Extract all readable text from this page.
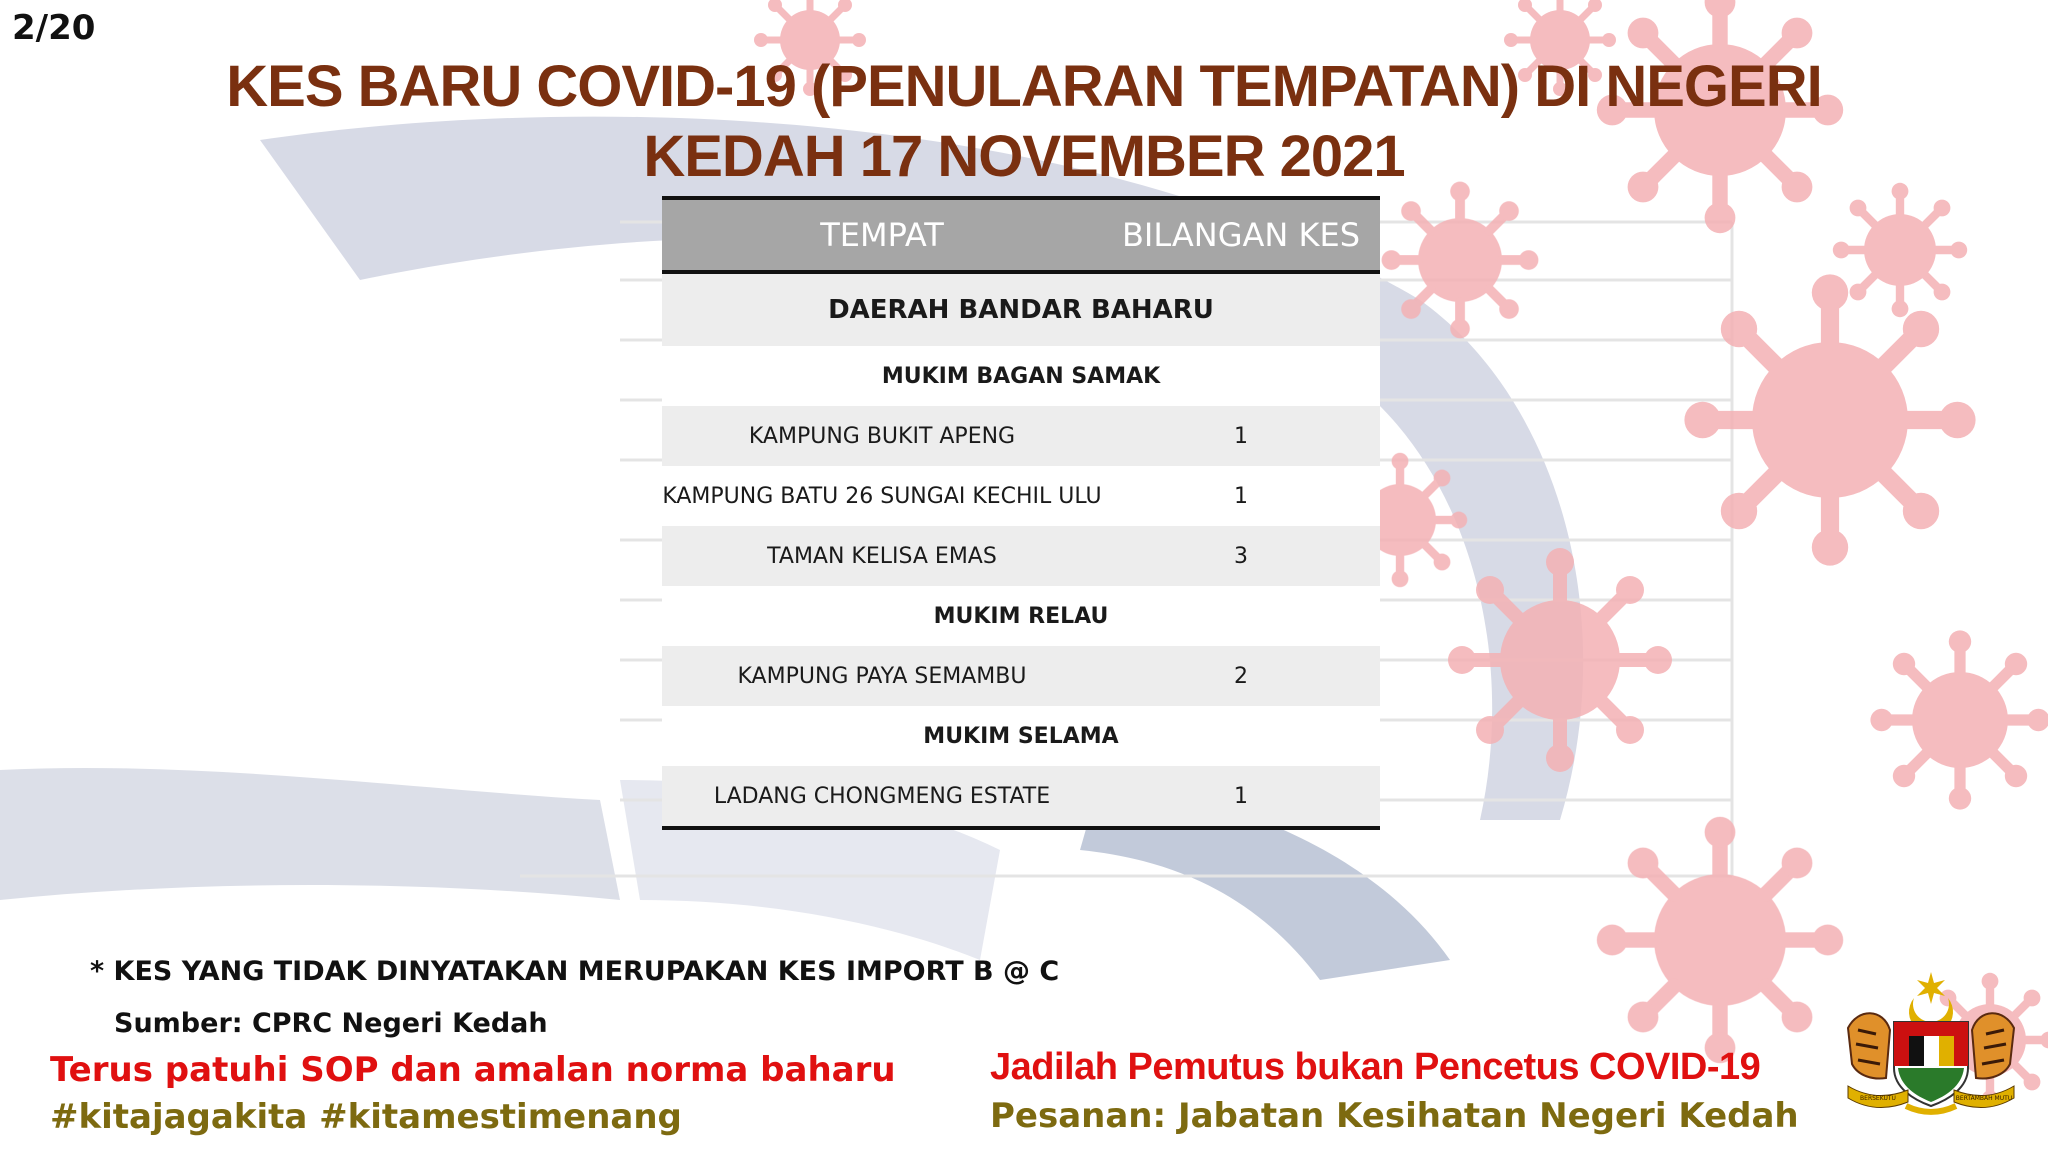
2/20
KES BARU COVID-19 (PENULARAN TEMPATAN) DI NEGERI
KEDAH 17 NOVEMBER 2021
TEMPAT	BILANGAN KES
DAERAH BANDAR BAHARU	
MUKIM BAGAN SAMAK	
KAMPUNG BUKIT APENG	1
KAMPUNG BATU 26 SUNGAI KECHIL ULU	1
TAMAN KELISA EMAS	3
MUKIM RELAU	
KAMPUNG PAYA SEMAMBU	2
MUKIM SELAMA	
LADANG CHONGMENG ESTATE	1
* KES YANG TIDAK DINYATAKAN MERUPAKAN KES IMPORT B @ C
Sumber: CPRC Negeri Kedah
Terus patuhi SOP dan amalan norma baharu
#kitajagakita #kitamestimenang
Jadilah Pemutus bukan Pencetus COVID-19
Pesanan: Jabatan Kesihatan Negeri Kedah	BERSEKUTU	BERTAMBAH MUTU
